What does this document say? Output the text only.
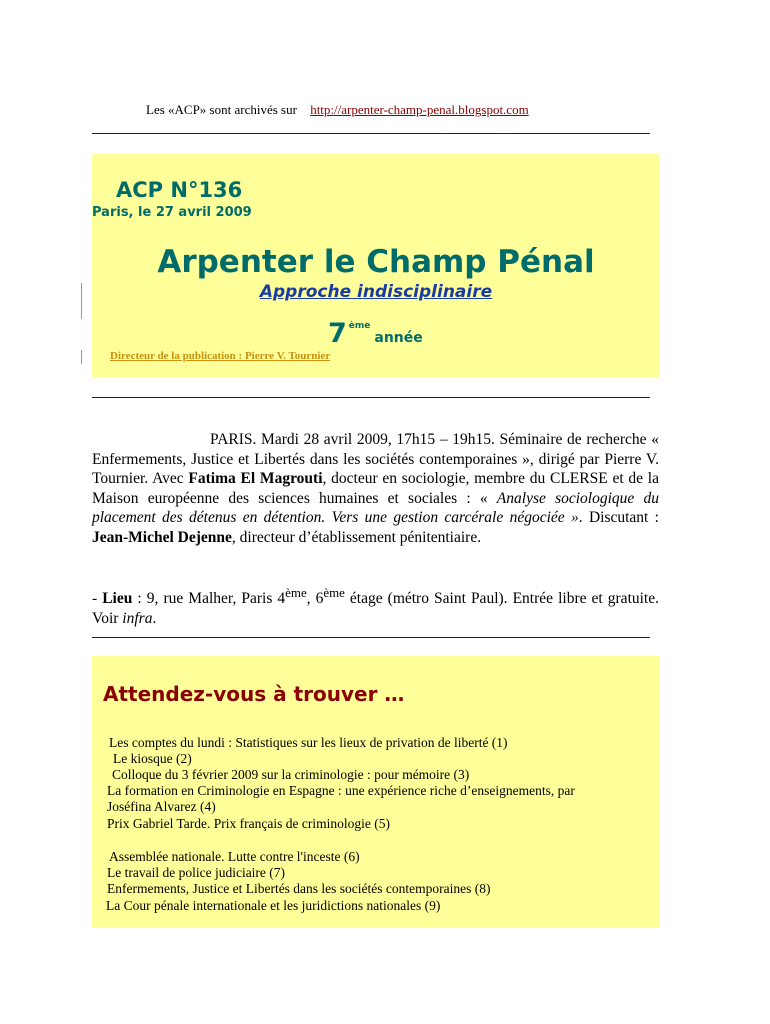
Les «ACP» sont archivés sur http://arpenter-champ-penal.blogspot.com
ACP N°136
Paris, le 27 avril 2009
Arpenter le Champ Pénal
Approche indisciplinaire
7 $^{ème}$année
Directeur de la publication : Pierre V. Tournier
PARIS. Mardi 28 avril 2009, 17h15 – 19h15. Séminaire de recherche « Enfermements, Justice et Libertés dans les sociétés contemporaines », dirigé par Pierre V. Tournier. Avec Fatima El Magrouti, docteur en sociologie, membre du CLERSE et de la Maison européenne des sciences humaines et sociales : « Analyse sociologique du placement des détenus en détention. Vers une gestion carcérale négociée ». Discutant : Jean-Michel Dejenne, directeur d’établissement pénitentiaire.
- Lieu : 9, rue Malher, Paris 4ème, 6ème étage (métro Saint Paul). Entrée libre et gratuite. Voir infra.
Attendez-vous à trouver …
Les comptes du lundi : Statistiques sur les lieux de privation de liberté (1)
Le kiosque (2)
Colloque du 3 février 2009 sur la criminologie : pour mémoire (3)
La formation en Criminologie en Espagne : une expérience riche d’enseignements, par
Joséfina Alvarez (4)
Prix Gabriel Tarde. Prix français de criminologie (5)
Assemblée nationale. Lutte contre l'inceste (6)
Le travail de police judiciaire (7)
Enfermements, Justice et Libertés dans les sociétés contemporaines (8)
La Cour pénale internationale et les juridictions nationales (9)
